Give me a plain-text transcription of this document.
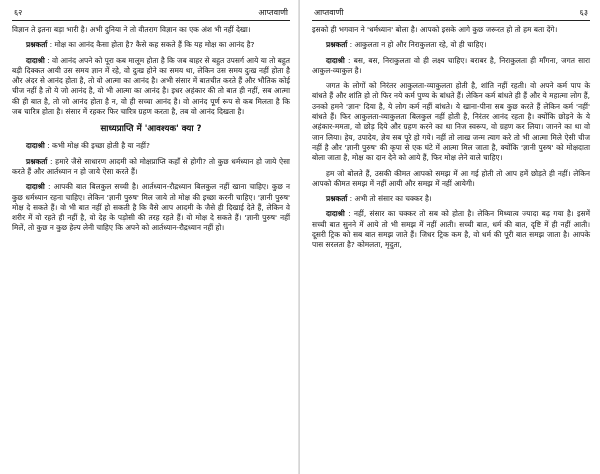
६२	आप्तवाणी

विज्ञान ते इतना बड़ा भारी है। अभी दुनिया ने तो वीतराग विज्ञान का एक अंश भी नहीं देखा।

प्रश्नकर्ता : मोक्ष का आनंद कैसा होता है? कैसे कह सकते हैं कि यह मोक्ष का आनंद है?

दादाश्री : वो आनंद अपने को पूरा कब मालूम होता है कि जब बाहर से बहुत उपसर्ग आये या तो बहुत बड़ी दिक्कत आयी उस समय ज्ञान में रहे, वो दुःख होने का समय था, लेकिन उस समय दुःख नहीं होता है और अंदर से आनंद होता है, तो वो आत्मा का आनंद है। अभी संसार में बातचीत करते हैं और भौतिक कोई चीज नहीं है तो ये जो आनंद है, वो भी आत्मा का आनंद है। इधर अहंकार की तो बात ही नहीं, सब आत्मा की ही बात है, तो जो आनंद होता है न, वो ही सच्चा आनंद है। वो आनंद पूर्ण रूप से कब मिलता है कि जब चारित्र होता है। संसार में रहकर फिर चारित्र ग्रहण करता है, तब वो आनंद दिखता है।

साध्यप्राप्ति में 'आवश्यक' क्या ?

दादाश्री : कभी मोक्ष की इच्छा होती है या नहीं?

प्रश्नकर्ता : हमारे जैसे साधारण आदमी को मोक्षप्राप्ति कहाँ से होगी? तो कुछ धर्मध्यान हो जाये ऐसा करते हैं और आर्तध्यान न हो जाये ऐसा करते हैं।

दादाश्री : आपकी बात बिलकुल सच्ची है। आर्तध्यान-रौद्रध्यान बिलकुल नहीं खाना चाहिए। कुछ न कुछ धर्मध्यान रहना चाहिए। लेकिन 'ज्ञानी पुरुष' मिल जाये तो मोक्ष की इच्छा करनी चाहिए। 'ज्ञानी पुरुष' मोक्ष दे सकते हैं। वो भी बात नहीं हो सकती है कि वैसे आप आदमी के जैसे ही दिखाई देते हैं, लेकिन वे शरीर में वो रहते ही नहीं है, वो देह के पड़ोसी की तरह रहते हैं। वो मोक्ष दे सकते हैं। 'ज्ञानी पुरुष' नहीं मिलें, तो कुछ न कुछ हेल्प लेनी चाहिए कि अपने को आर्तध्यान-रौद्रध्यान नहीं हो।

आप्तवाणी	६३

इसको ही भगवान ने 'धर्मध्यान' बोला है। आपको इसके आगे कुछ जरूरत हो तो हम बता देंगे।

प्रश्नकर्ता : आकुलता न हो और निराकुलता रहे, वो ही चाहिए।

दादाश्री : बस, बस, निराकुलता वो ही लक्ष्य चाहिए। बराबर है, निराकुलता ही माँगना, जगत सारा आकुल-व्याकुल है।

जगत के लोगों को निरंतर आकुलता-व्याकुलता होती है, शांति नहीं रहती। वो अपने कर्म पाप के बांधते हैं और शांति हो तो फिर नये कर्म पुण्य के बांधते हैं। लेकिन कर्म बांधते ही हैं और ये महात्मा लोग हैं, उनको हमने 'ज्ञान' दिया है, ये लोग कर्म नहीं बांधते। ये खाना-पीना सब कुछ करते हैं लेकिन कर्म 'नहीं' बांधते हैं। फिर आकुलता-व्याकुलता बिलकुल नहीं होती है, निरंतर आनंद रहता है। क्योंकि छोड़ने के ये अहंकार-ममता, वो छोड़ दिये और ग्रहण करने का था निज स्वरूप, वो ग्रहण कर लिया। जानने का था वो जान लिया। हेय, उपादेय, ज्ञेय सब पूरे हो गये। नहीं तो लाख जन्म त्याग करे तो भी आत्मा मिले ऐसी चीज नहीं है और 'ज्ञानी पुरुष' की कृपा से एक घंटे में आत्मा मिल जाता है, क्योंकि 'ज्ञानी पुरुष' को मोक्षदाता बोला जाता है, मोक्ष का दान देने को आये हैं, फिर मोक्ष लेने वाले चाहिए।

हम जो बोलते हैं, उसकी कीमत आपको समझ में आ गई होती तो आप हमें छोड़ते ही नहीं। लेकिन आपको कीमत समझ में नहीं आयी और समझ में नहीं आयेगी।

प्रश्नकर्ता : अभी तो संसार का चक्कर है।

दादाश्री : नहीं, संसार का चक्कर तो सब को होता है। लेकिन मिथ्यात्व ज्यादा बढ़ गया है। इसमें सच्ची बात सुनने में आये तो भी समझ में नहीं आती। सच्ची बात, धर्म की बात, दृष्टि में ही नहीं आती। दूसरी ट्रिक को सब बात समझ जाते हैं। जिधर ट्रिक कम है, वो धर्म की पूरी बात समझ जाता है। आपके पास सरलता है? कोमलता, मृदुता,
